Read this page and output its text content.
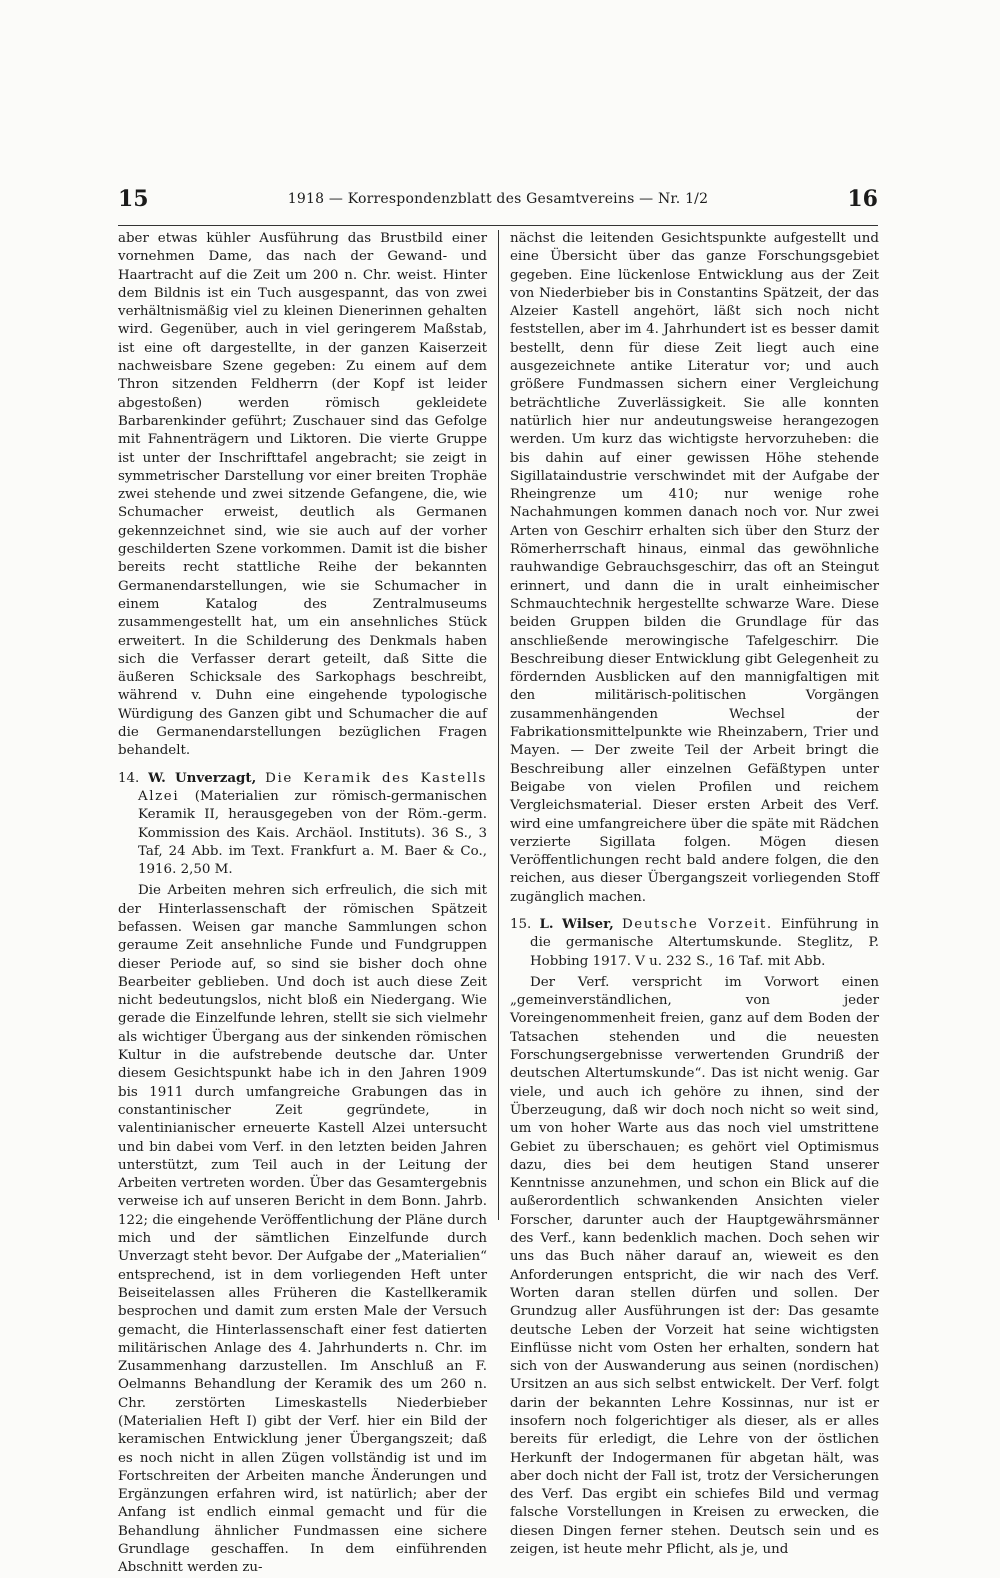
15	1918 — Korrespondenzblatt des Gesamtvereins — Nr. 1/2	16

aber etwas kühler Ausführung das Brustbild einer vornehmen Dame, das nach der Gewand- und Haartracht auf die Zeit um 200 n. Chr. weist. Hinter dem Bildnis ist ein Tuch ausgespannt, das von zwei verhältnismäßig viel zu kleinen Dienerinnen gehalten wird. Gegenüber, auch in viel geringerem Maßstab, ist eine oft dargestellte, in der ganzen Kaiserzeit nachweisbare Szene gegeben: Zu einem auf dem Thron sitzenden Feldherrn (der Kopf ist leider abgestoßen) werden römisch gekleidete Barbarenkinder geführt; Zuschauer sind das Gefolge mit Fahnenträgern und Liktoren. Die vierte Gruppe ist unter der Inschrifttafel angebracht; sie zeigt in symmetrischer Darstellung vor einer breiten Trophäe zwei stehende und zwei sitzende Gefangene, die, wie Schumacher erweist, deutlich als Germanen gekennzeichnet sind, wie sie auch auf der vorher geschilderten Szene vorkommen. Damit ist die bisher bereits recht stattliche Reihe der bekannten Germanendarstellungen, wie sie Schumacher in einem Katalog des Zentralmuseums zusammengestellt hat, um ein ansehnliches Stück erweitert. In die Schilderung des Denkmals haben sich die Verfasser derart geteilt, daß Sitte die äußeren Schicksale des Sarkophags beschreibt, während v. Duhn eine eingehende typologische Würdigung des Ganzen gibt und Schumacher die auf die Germanendarstellungen bezüglichen Fragen behandelt.

14. W. Unverzagt, Die Keramik des Kastells Alzei (Materialien zur römisch-germanischen Keramik II, herausgegeben von der Röm.-germ. Kommission des Kais. Archäol. Instituts). 36 S., 3 Taf, 24 Abb. im Text. Frankfurt a. M. Baer & Co., 1916. 2,50 M.

Die Arbeiten mehren sich erfreulich, die sich mit der Hinterlassenschaft der römischen Spätzeit befassen. Weisen gar manche Sammlungen schon geraume Zeit ansehnliche Funde und Fundgruppen dieser Periode auf, so sind sie bisher doch ohne Bearbeiter geblieben. Und doch ist auch diese Zeit nicht bedeutungslos, nicht bloß ein Niedergang. Wie gerade die Einzelfunde lehren, stellt sie sich vielmehr als wichtiger Übergang aus der sinkenden römischen Kultur in die aufstrebende deutsche dar. Unter diesem Gesichtspunkt habe ich in den Jahren 1909 bis 1911 durch umfangreiche Grabungen das in constantinischer Zeit gegründete, in valentinianischer erneuerte Kastell Alzei untersucht und bin dabei vom Verf. in den letzten beiden Jahren unterstützt, zum Teil auch in der Leitung der Arbeiten vertreten worden. Über das Gesamtergebnis verweise ich auf unseren Bericht in dem Bonn. Jahrb. 122; die eingehende Veröffentlichung der Pläne durch mich und der sämtlichen Einzelfunde durch Unverzagt steht bevor. Der Aufgabe der „Materialien“ entsprechend, ist in dem vorliegenden Heft unter Beiseitelassen alles Früheren die Kastellkeramik besprochen und damit zum ersten Male der Versuch gemacht, die Hinterlassenschaft einer fest datierten militärischen Anlage des 4. Jahrhunderts n. Chr. im Zusammenhang darzustellen. Im Anschluß an F. Oelmanns Behandlung der Keramik des um 260 n. Chr. zerstörten Limeskastells Niederbieber (Materialien Heft I) gibt der Verf. hier ein Bild der keramischen Entwicklung jener Übergangszeit; daß es noch nicht in allen Zügen vollständig ist und im Fortschreiten der Arbeiten manche Änderungen und Ergänzungen erfahren wird, ist natürlich; aber der Anfang ist endlich einmal gemacht und für die Behandlung ähnlicher Fundmassen eine sichere Grundlage geschaffen. In dem einführenden Abschnitt werden zu-

nächst die leitenden Gesichtspunkte aufgestellt und eine Übersicht über das ganze Forschungsgebiet gegeben. Eine lückenlose Entwicklung aus der Zeit von Niederbieber bis in Constantins Spätzeit, der das Alzeier Kastell angehört, läßt sich noch nicht feststellen, aber im 4. Jahrhundert ist es besser damit bestellt, denn für diese Zeit liegt auch eine ausgezeichnete antike Literatur vor; und auch größere Fundmassen sichern einer Vergleichung beträchtliche Zuverlässigkeit. Sie alle konnten natürlich hier nur andeutungsweise herangezogen werden. Um kurz das wichtigste hervorzuheben: die bis dahin auf einer gewissen Höhe stehende Sigillataindustrie verschwindet mit der Aufgabe der Rheingrenze um 410; nur wenige rohe Nachahmungen kommen danach noch vor. Nur zwei Arten von Geschirr erhalten sich über den Sturz der Römerherrschaft hinaus, einmal das gewöhnliche rauhwandige Gebrauchsgeschirr, das oft an Steingut erinnert, und dann die in uralt einheimischer Schmauchtechnik hergestellte schwarze Ware. Diese beiden Gruppen bilden die Grundlage für das anschließende merowingische Tafelgeschirr. Die Beschreibung dieser Entwicklung gibt Gelegenheit zu fördernden Ausblicken auf den mannigfaltigen mit den militärisch-politischen Vorgängen zusammenhängenden Wechsel der Fabrikationsmittelpunkte wie Rheinzabern, Trier und Mayen. — Der zweite Teil der Arbeit bringt die Beschreibung aller einzelnen Gefäßtypen unter Beigabe von vielen Profilen und reichem Vergleichsmaterial. Dieser ersten Arbeit des Verf. wird eine umfangreichere über die späte mit Rädchen verzierte Sigillata folgen. Mögen diesen Veröffentlichungen recht bald andere folgen, die den reichen, aus dieser Übergangszeit vorliegenden Stoff zugänglich machen.

15. L. Wilser, Deutsche Vorzeit. Einführung in die germanische Altertumskunde. Steglitz, P. Hobbing 1917. V u. 232 S., 16 Taf. mit Abb.

Der Verf. verspricht im Vorwort einen „gemeinverständlichen, von jeder Voreingenommenheit freien, ganz auf dem Boden der Tatsachen stehenden und die neuesten Forschungsergebnisse verwertenden Grundriß der deutschen Altertumskunde“. Das ist nicht wenig. Gar viele, und auch ich gehöre zu ihnen, sind der Überzeugung, daß wir doch noch nicht so weit sind, um von hoher Warte aus das noch viel umstrittene Gebiet zu überschauen; es gehört viel Optimismus dazu, dies bei dem heutigen Stand unserer Kenntnisse anzunehmen, und schon ein Blick auf die außerordentlich schwankenden Ansichten vieler Forscher, darunter auch der Hauptgewährsmänner des Verf., kann bedenklich machen. Doch sehen wir uns das Buch näher darauf an, wieweit es den Anforderungen entspricht, die wir nach des Verf. Worten daran stellen dürfen und sollen. Der Grundzug aller Ausführungen ist der: Das gesamte deutsche Leben der Vorzeit hat seine wichtigsten Einflüsse nicht vom Osten her erhalten, sondern hat sich von der Auswanderung aus seinen (nordischen) Ursitzen an aus sich selbst entwickelt. Der Verf. folgt darin der bekannten Lehre Kossinnas, nur ist er insofern noch folgerichtiger als dieser, als er alles bereits für erledigt, die Lehre von der östlichen Herkunft der Indogermanen für abgetan hält, was aber doch nicht der Fall ist, trotz der Versicherungen des Verf. Das ergibt ein schiefes Bild und vermag falsche Vorstellungen in Kreisen zu erwecken, die diesen Dingen ferner stehen. Deutsch sein und es zeigen, ist heute mehr Pflicht, als je, und
